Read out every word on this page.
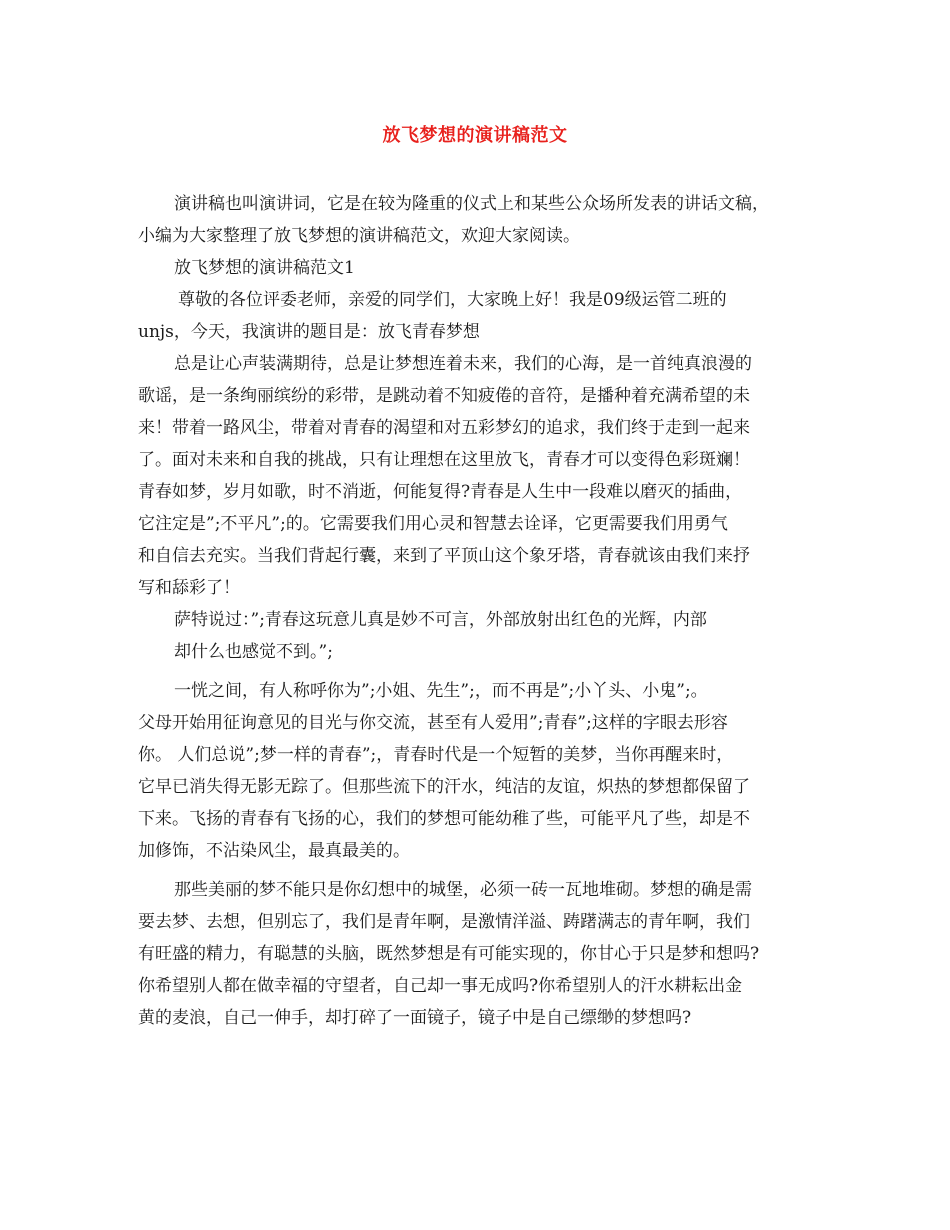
放飞梦想的演讲稿范文
演讲稿也叫演讲词，它是在较为隆重的仪式上和某些公众场所发表的讲话文稿，
小编为大家整理了放飞梦想的演讲稿范文，欢迎大家阅读。
放飞梦想的演讲稿范文1
尊敬的各位评委老师，亲爱的同学们，大家晚上好！我是09级运管二班的
unjs，今天，我演讲的题目是：放飞青春梦想
总是让心声装满期待，总是让梦想连着未来，我们的心海，是一首纯真浪漫的
歌谣，是一条绚丽缤纷的彩带，是跳动着不知疲倦的音符，是播种着充满希望的未
来！带着一路风尘，带着对青春的渴望和对五彩梦幻的追求，我们终于走到一起来
了。面对未来和自我的挑战，只有让理想在这里放飞，青春才可以变得色彩斑斓！
青春如梦，岁月如歌，时不消逝，何能复得?青春是人生中一段难以磨灭的插曲，
它注定是”;不平凡”;的。它需要我们用心灵和智慧去诠译，它更需要我们用勇气
和自信去充实。当我们背起行囊，来到了平顶山这个象牙塔，青春就该由我们来抒
写和舔彩了！
萨特说过：”;青春这玩意儿真是妙不可言，外部放射出红色的光辉，内部
却什么也感觉不到。”;
一恍之间，有人称呼你为”;小姐、先生”;，而不再是”;小丫头、小鬼”;。
父母开始用征询意见的目光与你交流，甚至有人爱用”;青春”;这样的字眼去形容
你。 人们总说”;梦一样的青春”;，青春时代是一个短暂的美梦，当你再醒来时，
它早已消失得无影无踪了。但那些流下的汗水，纯洁的友谊，炽热的梦想都保留了
下来。飞扬的青春有飞扬的心，我们的梦想可能幼稚了些，可能平凡了些，却是不
加修饰，不沾染风尘，最真最美的。
那些美丽的梦不能只是你幻想中的城堡，必须一砖一瓦地堆砌。梦想的确是需
要去梦、去想，但别忘了，我们是青年啊，是激情洋溢、踌躇满志的青年啊，我们
有旺盛的精力，有聪慧的头脑，既然梦想是有可能实现的，你甘心于只是梦和想吗?
你希望别人都在做幸福的守望者，自己却一事无成吗?你希望别人的汗水耕耘出金
黄的麦浪，自己一伸手，却打碎了一面镜子，镜子中是自己缥缈的梦想吗?
